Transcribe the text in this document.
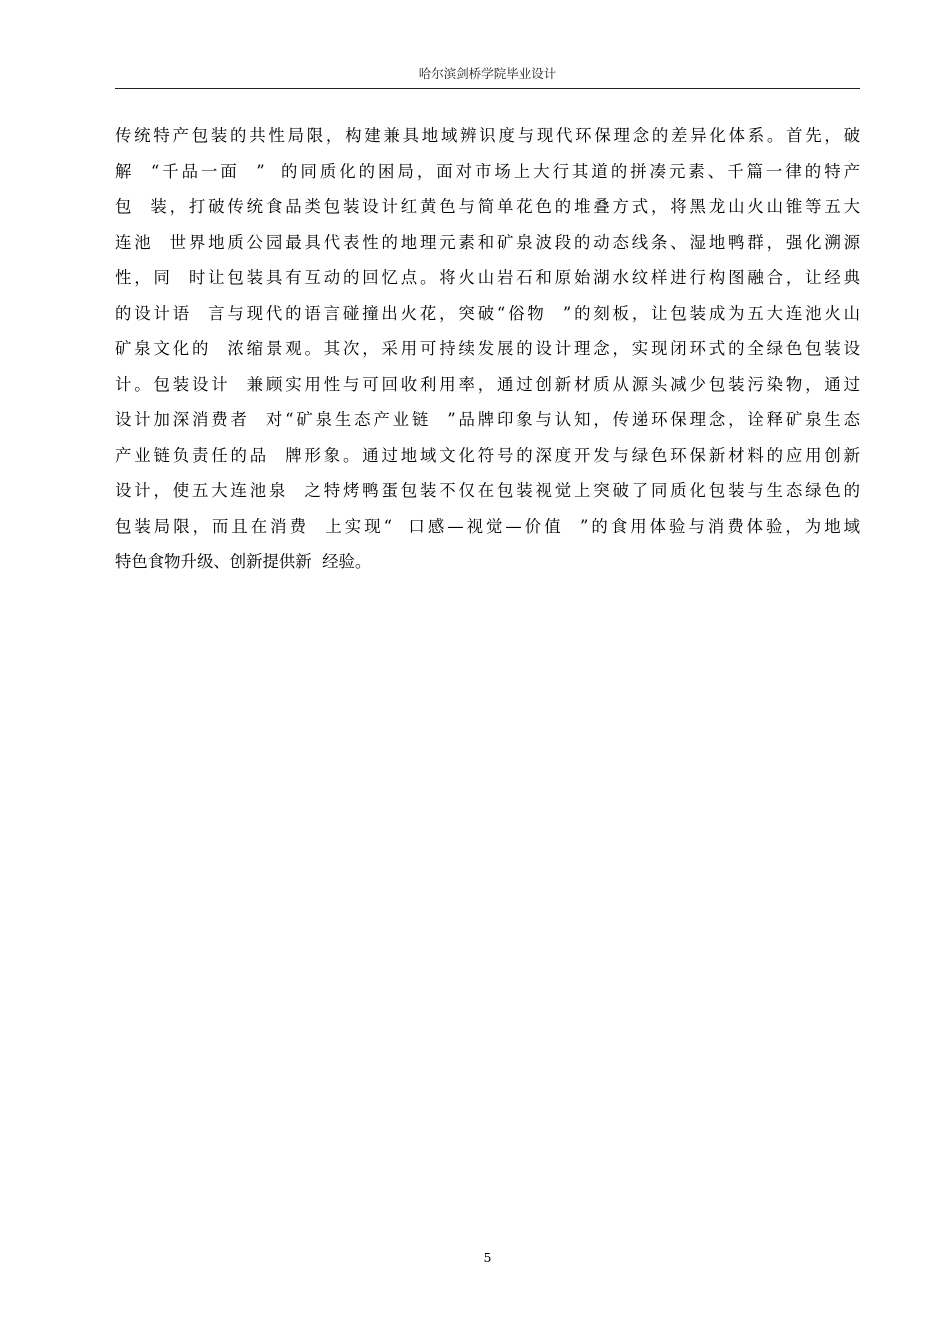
哈尔滨剑桥学院毕业设计
传统特产包装的共性局限，构建兼具地域辨识度与现代环保理念的差异化体系。首先，破
解  “千品一面  ”  的同质化的困局，面对市场上大行其道的拼凑元素、千篇一律的特产
包  装，打破传统食品类包装设计红黄色与简单花色的堆叠方式，将黑龙山火山锥等五大
连池  世界地质公园最具代表性的地理元素和矿泉波段的动态线条、湿地鸭群，强化溯源
性，同  时让包装具有互动的回忆点。将火山岩石和原始湖水纹样进行构图融合，让经典
的设计语  言与现代的语言碰撞出火花，突破“俗物  ”的刻板，让包装成为五大连池火山
矿泉文化的  浓缩景观。其次，采用可持续发展的设计理念，实现闭环式的全绿色包装设
计。包装设计  兼顾实用性与可回收利用率，通过创新材质从源头减少包装污染物，通过
设计加深消费者  对“矿泉生态产业链  ”品牌印象与认知，传递环保理念，诠释矿泉生态
产业链负责任的品  牌形象。通过地域文化符号的深度开发与绿色环保新材料的应用创新
设计，使五大连池泉  之特烤鸭蛋包装不仅在包装视觉上突破了同质化包装与生态绿色的
包装局限，而且在消费  上实现“  口感—视觉—价值  ”的食用体验与消费体验，为地域
特色食物升级、创新提供新  经验。
5
